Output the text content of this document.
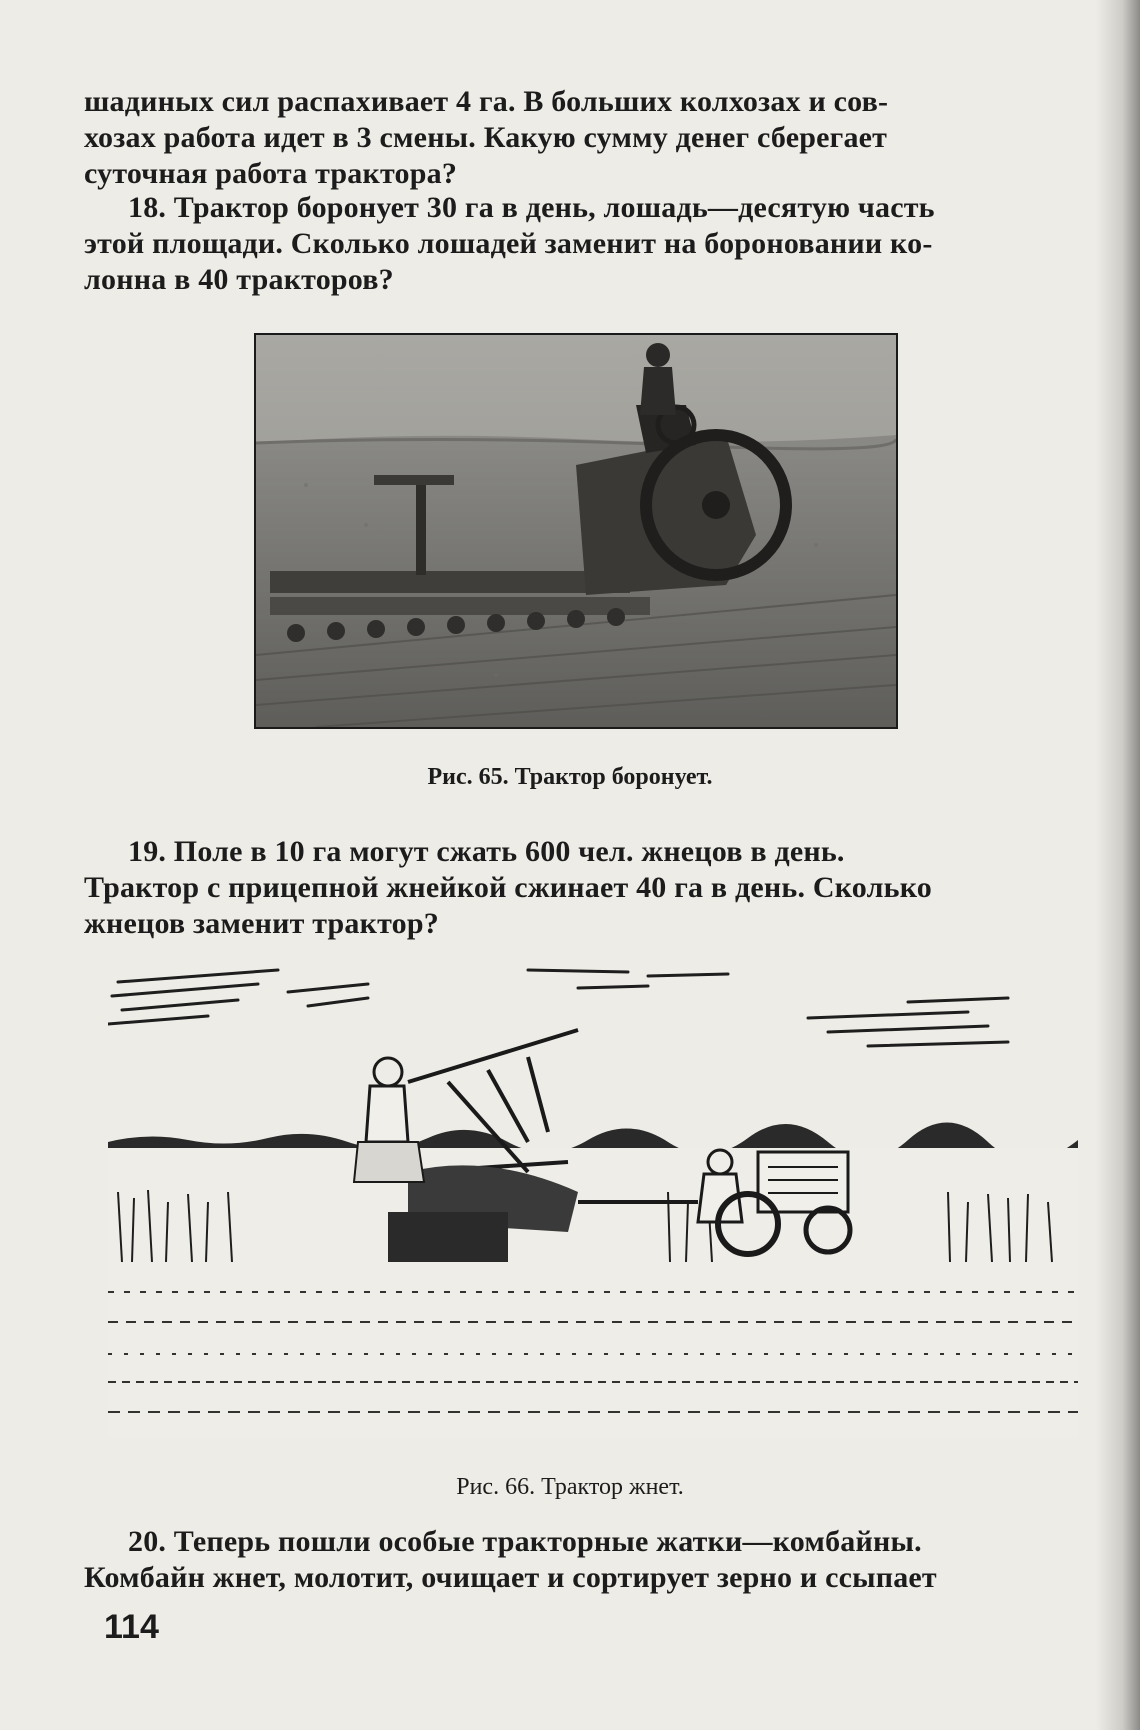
шадиных сил распахивает 4 га. В больших колхозах и сов-
хозах работа идет в 3 смены. Какую сумму денег сберегает
суточная работа трактора?
18. Трактор боронует 30 га в день, лошадь—десятую часть
этой площади. Сколько лошадей заменит на бороновании ко-
лонна в 40 тракторов?
Рис. 65. Трактор боронует.
19. Поле в 10 га могут сжать 600 чел. жнецов в день.
Трактор с прицепной жнейкой сжинает 40 га в день. Сколько
жнецов заменит трактор?
Рис. 66. Трактор жнет.
20. Теперь пошли особые тракторные жатки—комбайны.
Комбайн жнет, молотит, очищает и сортирует зерно и ссыпает
114
